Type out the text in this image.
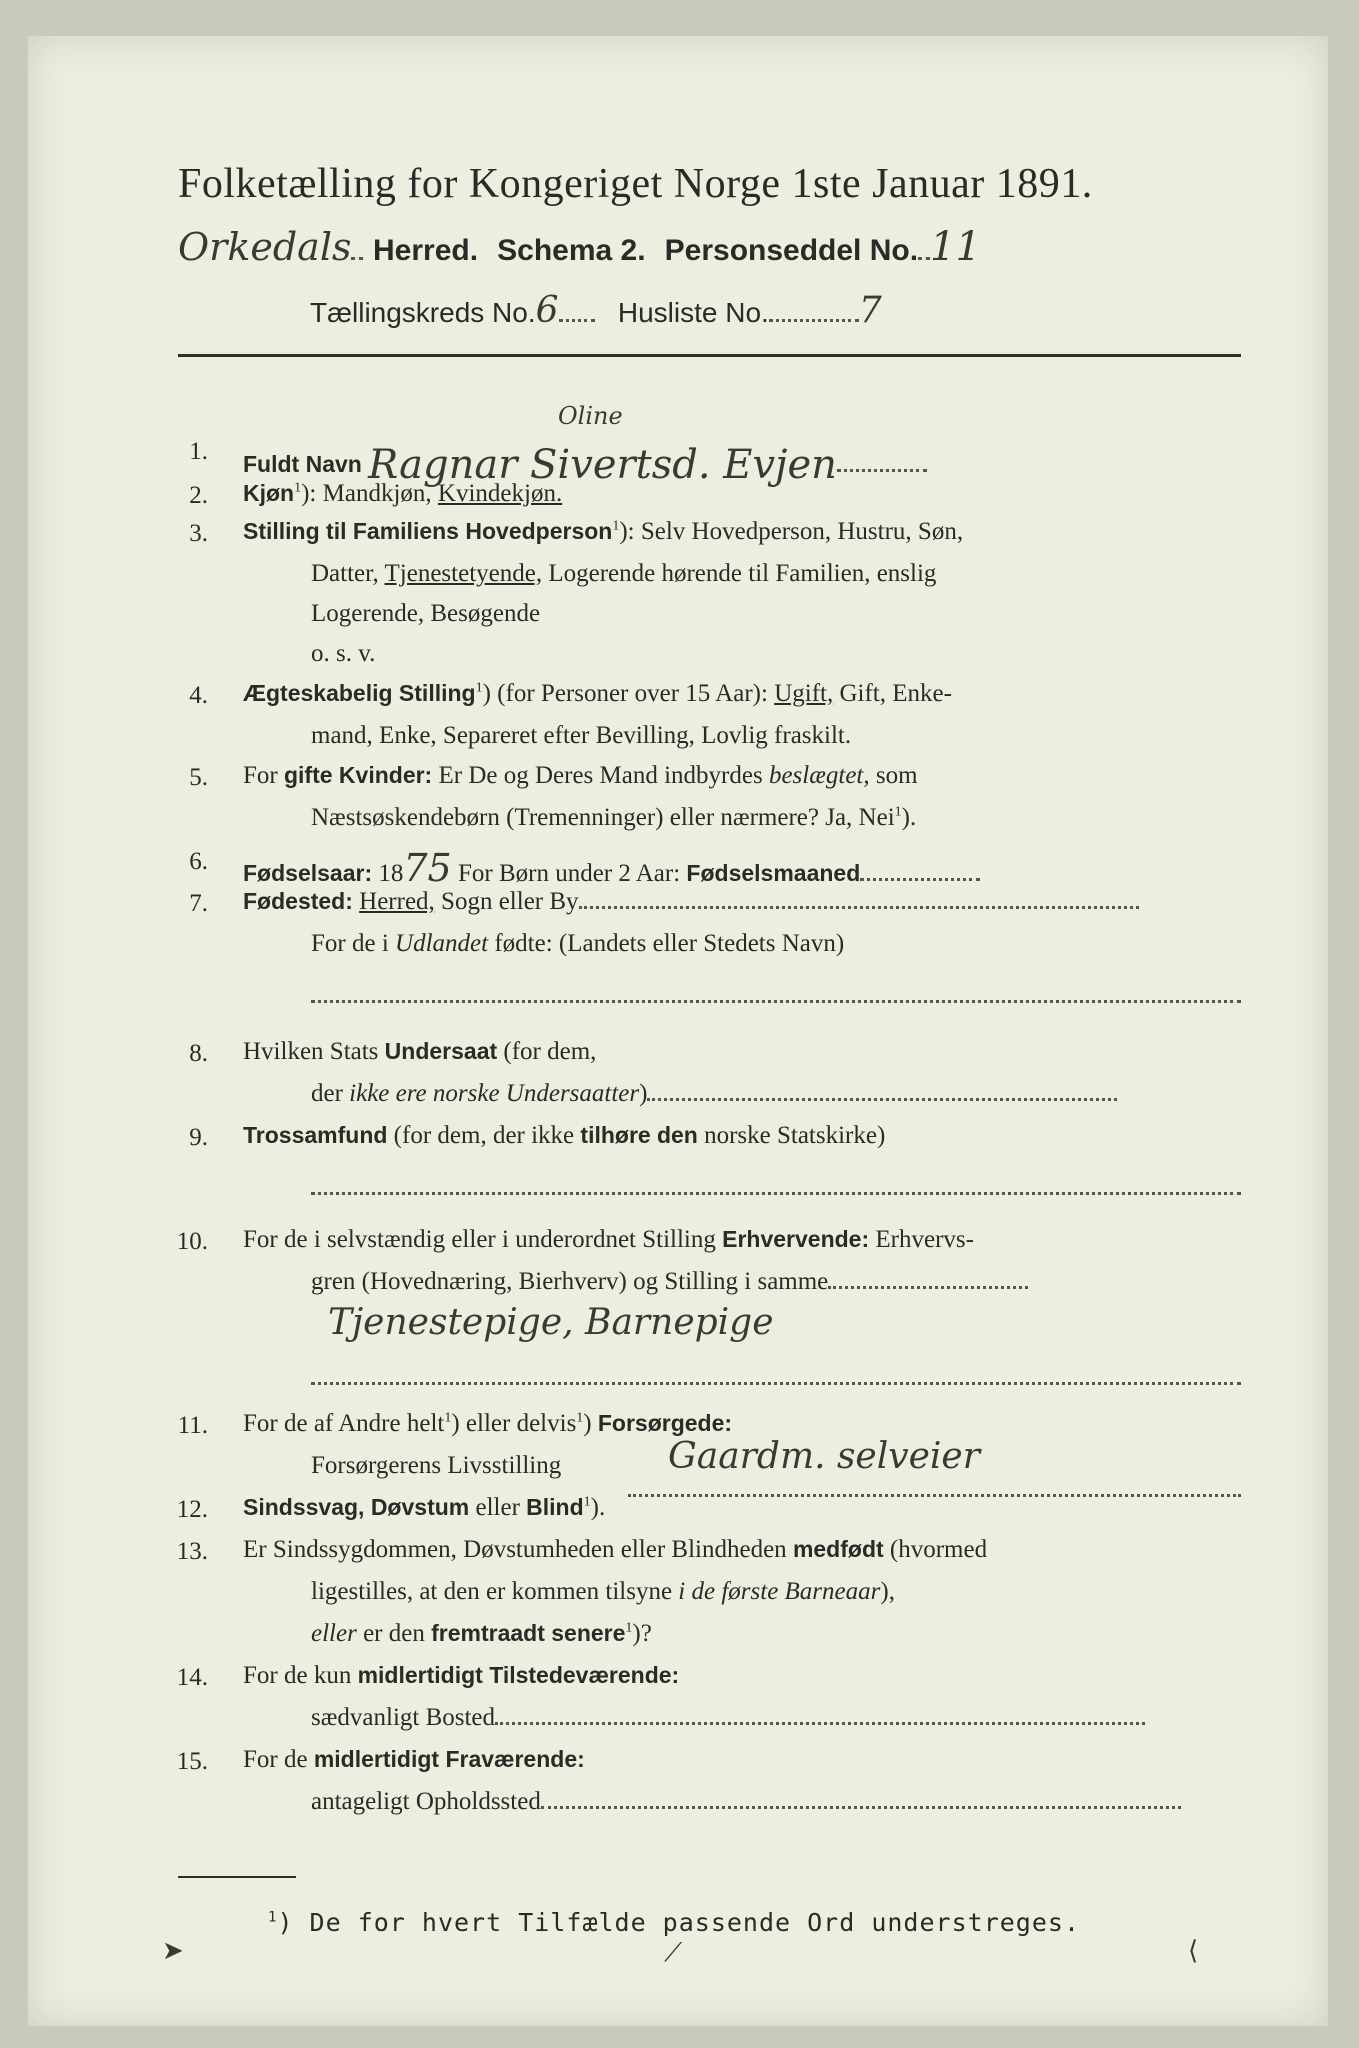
Folketælling for Kongeriget Norge 1ste Januar 1891.
Orkedals Herred. Schema 2. Personseddel No. 11
Tællingskreds No.6 Husliste No.	7
1. Fuldt Navn Ragnar Sivertsd. Evjen
Oline
2. Kjøn$^1$): Mandkjøn, Kvindekjøn.
3. Stilling til Familiens Hovedperson$^1$): Selv Hovedperson, Hustru, Søn,
Datter, Tjenestetyende, Logerende hørende til Familien, enslig
Logerende, Besøgende
o. s. v.
4. Ægteskabelig Stilling$^1$) (for Personer over 15 Aar): Ugift, Gift, Enke-
mand, Enke, Separeret efter Bevilling, Lovlig fraskilt.
5. For gifte Kvinder: Er De og Deres Mand indbyrdes beslægtet, som
Næstsøskendebørn (Tremenninger) eller nærmere? Ja, Nei$^1$).
6. Fødselsaar: 1875 For Børn under 2 Aar: Fødselsmaaned
7. Fødested: Herred, Sogn eller By
For de i Udlandet fødte: (Landets eller Stedets Navn)
8. Hvilken Stats Undersaat (for dem,
der ikke ere norske Undersaatter)
9. Trossamfund (for dem, der ikke tilhøre den norske Statskirke)
10. For de i selvstændig eller i underordnet Stilling Erhvervende: Erhvervs-
gren (Hovednæring, Bierhverv) og Stilling i samme
Tjenestepige, Barnepige
11. For de af Andre helt$^1$) eller delvis$^1$) Forsørgede:
Forsørgerens Livsstilling	Gaardm. selveier
12. Sindssvag, Døvstum eller Blind$^1$).
13. Er Sindssygdommen, Døvstumheden eller Blindheden medfødt (hvormed
ligestilles, at den er kommen tilsyne i de første Barneaar),
eller er den fremtraadt senere$^1$)?
14. For de kun midlertidigt Tilstedeværende:
sædvanligt Bosted
15. For de midlertidigt Fraværende:
antageligt Opholdssted
$^1$) De for hvert Tilfælde passende Ord understreges.
➤	⟋	⟨
